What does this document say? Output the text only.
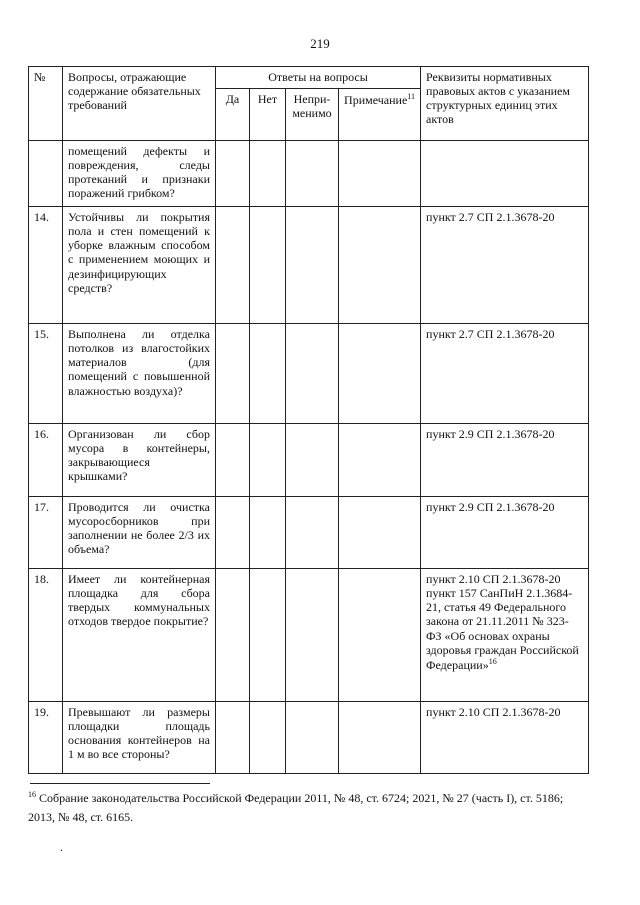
219
№	Вопросы, отражающие содержание обязательных требований	Ответы на вопросы				Реквизиты нормативных правовых актов с указанием структурных единиц этих актов
		Да	Нет	Непри-менимо	Примечание$^{11}$
	помещений дефекты и повреждения, следы протеканий и признаки поражений грибком?					
14.	Устойчивы ли покрытия пола и стен помещений к уборке влажным способом с применением моющих и дезинфицирующих средств?					пункт 2.7 СП 2.1.3678-20
15.	Выполнена ли отделка потолков из влагостойких материалов (для помещений с повышенной влажностью воздуха)?					пункт 2.7 СП 2.1.3678-20
16.	Организован ли сбор мусора в контейнеры, закрывающиеся крышками?					пункт 2.9 СП 2.1.3678-20
17.	Проводится ли очистка мусоросборников при заполнении не более 2/3 их объема?					пункт 2.9 СП 2.1.3678-20
18.	Имеет ли контейнерная площадка для сбора твердых коммунальных отходов твердое покрытие?					пункт 2.10 СП 2.1.3678-20 пункт 157 СанПиН 2.1.3684-21, статья 49 Федерального закона от 21.11.2011 № 323-ФЗ «Об основах охраны здоровья граждан Российской Федерации»$^{16}$
19.	Превышают ли размеры площадки площадь основания контейнеров на 1 м во все стороны?					пункт 2.10 СП 2.1.3678-20
$^{16}$ Собрание законодательства Российской Федерации 2011, № 48, ст. 6724; 2021, № 27 (часть I), ст. 5186; 2013, № 48, ст. 6165.
.
